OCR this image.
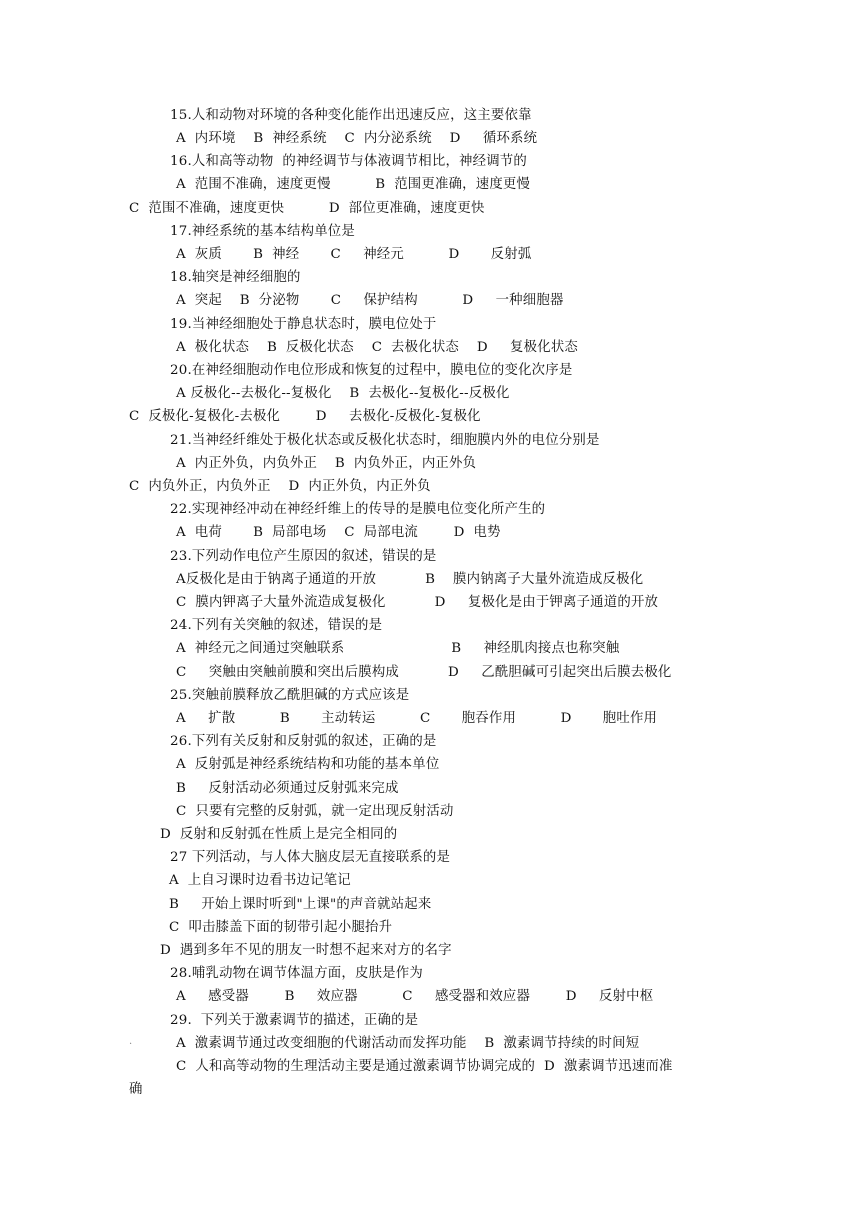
15.人和动物对环境的各种变化能作出迅速反应，这主要依靠
A  内环境    B  神经系统    C  内分泌系统    D     循环系统
16.人和高等动物  的神经调节与体液调节相比，神经调节的
A  范围不准确，速度更慢          B  范围更准确，速度更慢
C  范围不准确，速度更快          D  部位更准确，速度更快
17.神经系统的基本结构单位是
A  灰质       B  神经       C     神经元          D       反射弧
18.轴突是神经细胞的
A  突起    B  分泌物       C     保护结构          D     一种细胞器
19.当神经细胞处于静息状态时，膜电位处于
A  极化状态    B  反极化状态    C  去极化状态    D     复极化状态
20.在神经细胞动作电位形成和恢复的过程中，膜电位的变化次序是
A 反极化--去极化--复极化    B  去极化--复极化--反极化
C  反极化-复极化-去极化        D     去极化-反极化-复极化
21.当神经纤维处于极化状态或反极化状态时，细胞膜内外的电位分别是
A  内正外负，内负外正    B  内负外正，内正外负
C  内负外正，内负外正    D  内正外负，内正外负
22.实现神经冲动在神经纤维上的传导的是膜电位变化所产生的
A  电荷       B  局部电场    C  局部电流        D  电势
23.下列动作电位产生原因的叙述，错误的是
A反极化是由于钠离子通道的开放           B    膜内钠离子大量外流造成反极化
C  膜内钾离子大量外流造成复极化           D     复极化是由于钾离子通道的开放
24.下列有关突触的叙述，错误的是
A  神经元之间通过突触联系                        B     神经肌肉接点也称突触
C     突触由突触前膜和突出后膜构成           D     乙酰胆碱可引起突出后膜去极化
25.突触前膜释放乙酰胆碱的方式应该是
A     扩散          B       主动转运          C       胞吞作用          D       胞吐作用
26.下列有关反射和反射弧的叙述，正确的是
A  反射弧是神经系统结构和功能的基本单位
B     反射活动必须通过反射弧来完成
C  只要有完整的反射弧，就一定出现反射活动
D  反射和反射弧在性质上是完全相同的
27 下列活动，与人体大脑皮层无直接联系的是
A  上自习课时边看书边记笔记
B     开始上课时听到"上课"的声音就站起来
C  叩击膝盖下面的韧带引起小腿抬升
D  遇到多年不见的朋友一时想不起来对方的名字
28.哺乳动物在调节体温方面，皮肤是作为
A     感受器        B     效应器          C     感受器和效应器        D     反射中枢
29.  下列关于激素调节的描述，正确的是
.	A  激素调节通过改变细胞的代谢活动而发挥功能    B  激素调节持续的时间短
C  人和高等动物的生理活动主要是通过激素调节协调完成的  D  激素调节迅速而准
确
